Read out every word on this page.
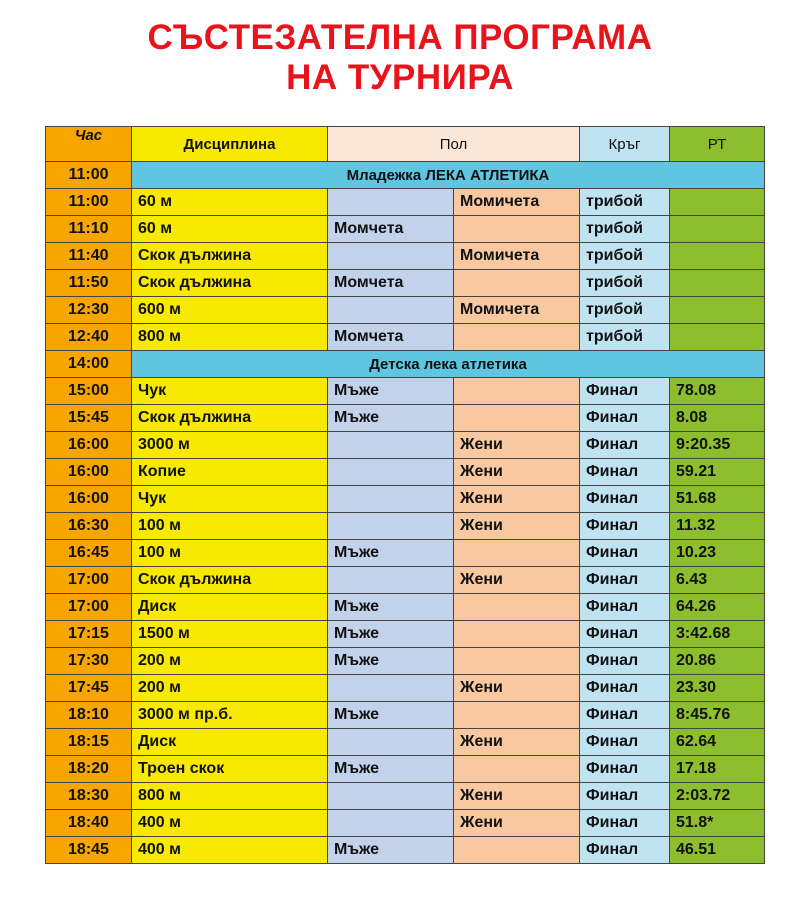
СЪСТЕЗАТЕЛНА ПРОГРАМА
НА ТУРНИРА
Час	Дисциплина	Пол		Кръг	РТ
11:00	Младежка ЛЕКА АТЛЕТИКА				
11:00	60 м		Момичета	трибой	
11:10	60 м	Момчета		трибой	
11:40	Скок дължина		Момичета	трибой	
11:50	Скок дължина	Момчета		трибой	
12:30	600 м		Момичета	трибой	
12:40	800 м	Момчета		трибой	
14:00	Детска лека атлетика				
15:00	Чук	Мъже		Финал	78.08
15:45	Скок дължина	Мъже		Финал	8.08
16:00	3000 м		Жени	Финал	9:20.35
16:00	Копие		Жени	Финал	59.21
16:00	Чук		Жени	Финал	51.68
16:30	100 м		Жени	Финал	11.32
16:45	100 м	Мъже		Финал	10.23
17:00	Скок дължина		Жени	Финал	6.43
17:00	Диск	Мъже		Финал	64.26
17:15	1500 м	Мъже		Финал	3:42.68
17:30	200 м	Мъже		Финал	20.86
17:45	200 м		Жени	Финал	23.30
18:10	3000 м пр.б.	Мъже		Финал	8:45.76
18:15	Диск		Жени	Финал	62.64
18:20	Троен скок	Мъже		Финал	17.18
18:30	800 м		Жени	Финал	2:03.72
18:40	400 м		Жени	Финал	51.8*
18:45	400 м	Мъже		Финал	46.51
